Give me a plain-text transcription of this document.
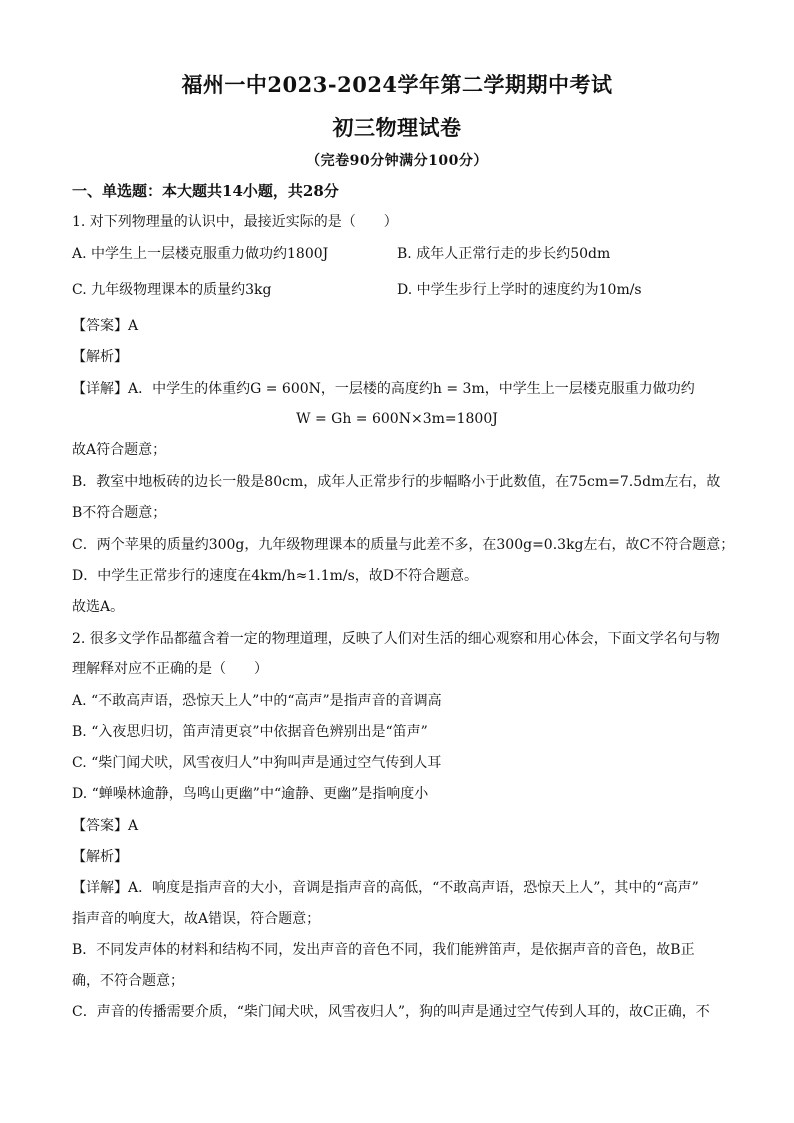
福州一中2023-2024学年第二学期期中考试
初三物理试卷
（完卷90分钟满分100分）
一、单选题：本大题共14小题，共28分
1. 对下列物理量的认识中，最接近实际的是（　　）
A. 中学生上一层楼克服重力做功约1800J	B. 成年人正常行走的步长约50dm
C. 九年级物理课本的质量约3kg	D. 中学生步行上学时的速度约为10m/s
【答案】A
【解析】
【详解】A．中学生的体重约G = 600N，一层楼的高度约h = 3m，中学生上一层楼克服重力做功约
W = Gh = 600N×3m=1800J
故A符合题意；
B．教室中地板砖的边长一般是80cm，成年人正常步行的步幅略小于此数值，在75cm=7.5dm左右，故
B不符合题意；
C．两个苹果的质量约300g，九年级物理课本的质量与此差不多，在300g=0.3kg左右，故C不符合题意；
D．中学生正常步行的速度在4km/h≈1.1m/s，故D不符合题意。
故选A。
2. 很多文学作品都蕴含着一定的物理道理，反映了人们对生活的细心观察和用心体会，下面文学名句与物
理解释对应不正确的是（　　）
A. “不敢高声语，恐惊天上人”中的“高声”是指声音的音调高
B. “入夜思归切，笛声清更哀”中依据音色辨别出是“笛声”
C. “柴门闻犬吠，风雪夜归人”中狗叫声是通过空气传到人耳
D. “蝉噪林逾静，鸟鸣山更幽”中“逾静、更幽”是指响度小
【答案】A
【解析】
【详解】A．响度是指声音的大小，音调是指声音的高低，“不敢高声语，恐惊天上人”，其中的“高声”
指声音的响度大，故A错误，符合题意；
B．不同发声体的材料和结构不同，发出声音的音色不同，我们能辨笛声，是依据声音的音色，故B正
确，不符合题意；
C．声音的传播需要介质，“柴门闻犬吠，风雪夜归人”，狗的叫声是通过空气传到人耳的，故C正确，不
